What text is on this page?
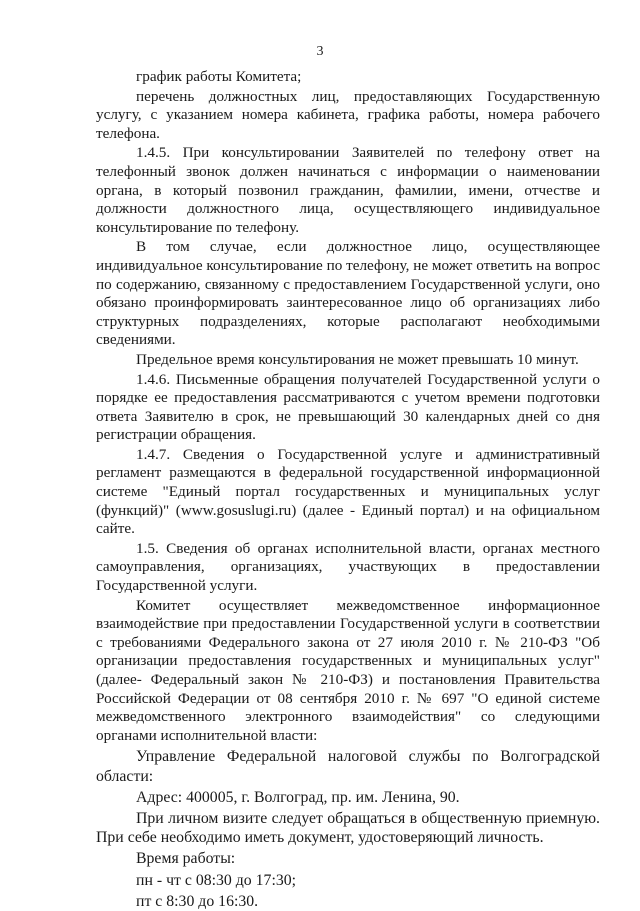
3

график работы Комитета;

перечень должностных лиц, предоставляющих Государственную услугу, с указанием номера кабинета, графика работы, номера рабочего телефона.

1.4.5. При консультировании Заявителей по телефону ответ на телефонный звонок должен начинаться с информации о наименовании органа, в который позвонил гражданин, фамилии, имени, отчестве и должности должностного лица, осуществляющего индивидуальное консультирование по телефону.

В том случае, если должностное лицо, осуществляющее индивидуальное консультирование по телефону, не может ответить на вопрос по содержанию, связанному с предоставлением Государственной услуги, оно обязано проинформировать заинтересованное лицо об организациях либо структурных подразделениях, которые располагают необходимыми сведениями.

Предельное время консультирования не может превышать 10 минут.

1.4.6. Письменные обращения получателей Государственной услуги о порядке ее предоставления рассматриваются с учетом времени подготовки ответа Заявителю в срок, не превышающий 30 календарных дней со дня регистрации обращения.

1.4.7. Сведения о Государственной услуге и административный регламент размещаются в федеральной государственной информационной системе "Единый портал государственных и муниципальных услуг (функций)" (www.gosuslugi.ru) (далее - Единый портал) и на официальном сайте.

1.5. Сведения об органах исполнительной власти, органах местного самоуправления, организациях, участвующих в предоставлении Государственной услуги.

Комитет осуществляет межведомственное информационное взаимодействие при предоставлении Государственной услуги в соответствии с требованиями Федерального закона от 27 июля 2010 г. № 210-ФЗ "Об организации предоставления государственных и муниципальных услуг" (далее- Федеральный закон № 210-ФЗ) и постановления Правительства Российской Федерации от 08 сентября 2010 г. № 697 "О единой системе межведомственного электронного взаимодействия" со следующими органами исполнительной власти:

Управление Федеральной налоговой службы по Волгоградской области:

Адрес: 400005, г. Волгоград, пр. им. Ленина, 90.

При личном визите следует обращаться в общественную приемную. При себе необходимо иметь документ, удостоверяющий личность.

Время работы:

пн - чт с 08:30 до 17:30;

пт с 8:30 до 16:30.
